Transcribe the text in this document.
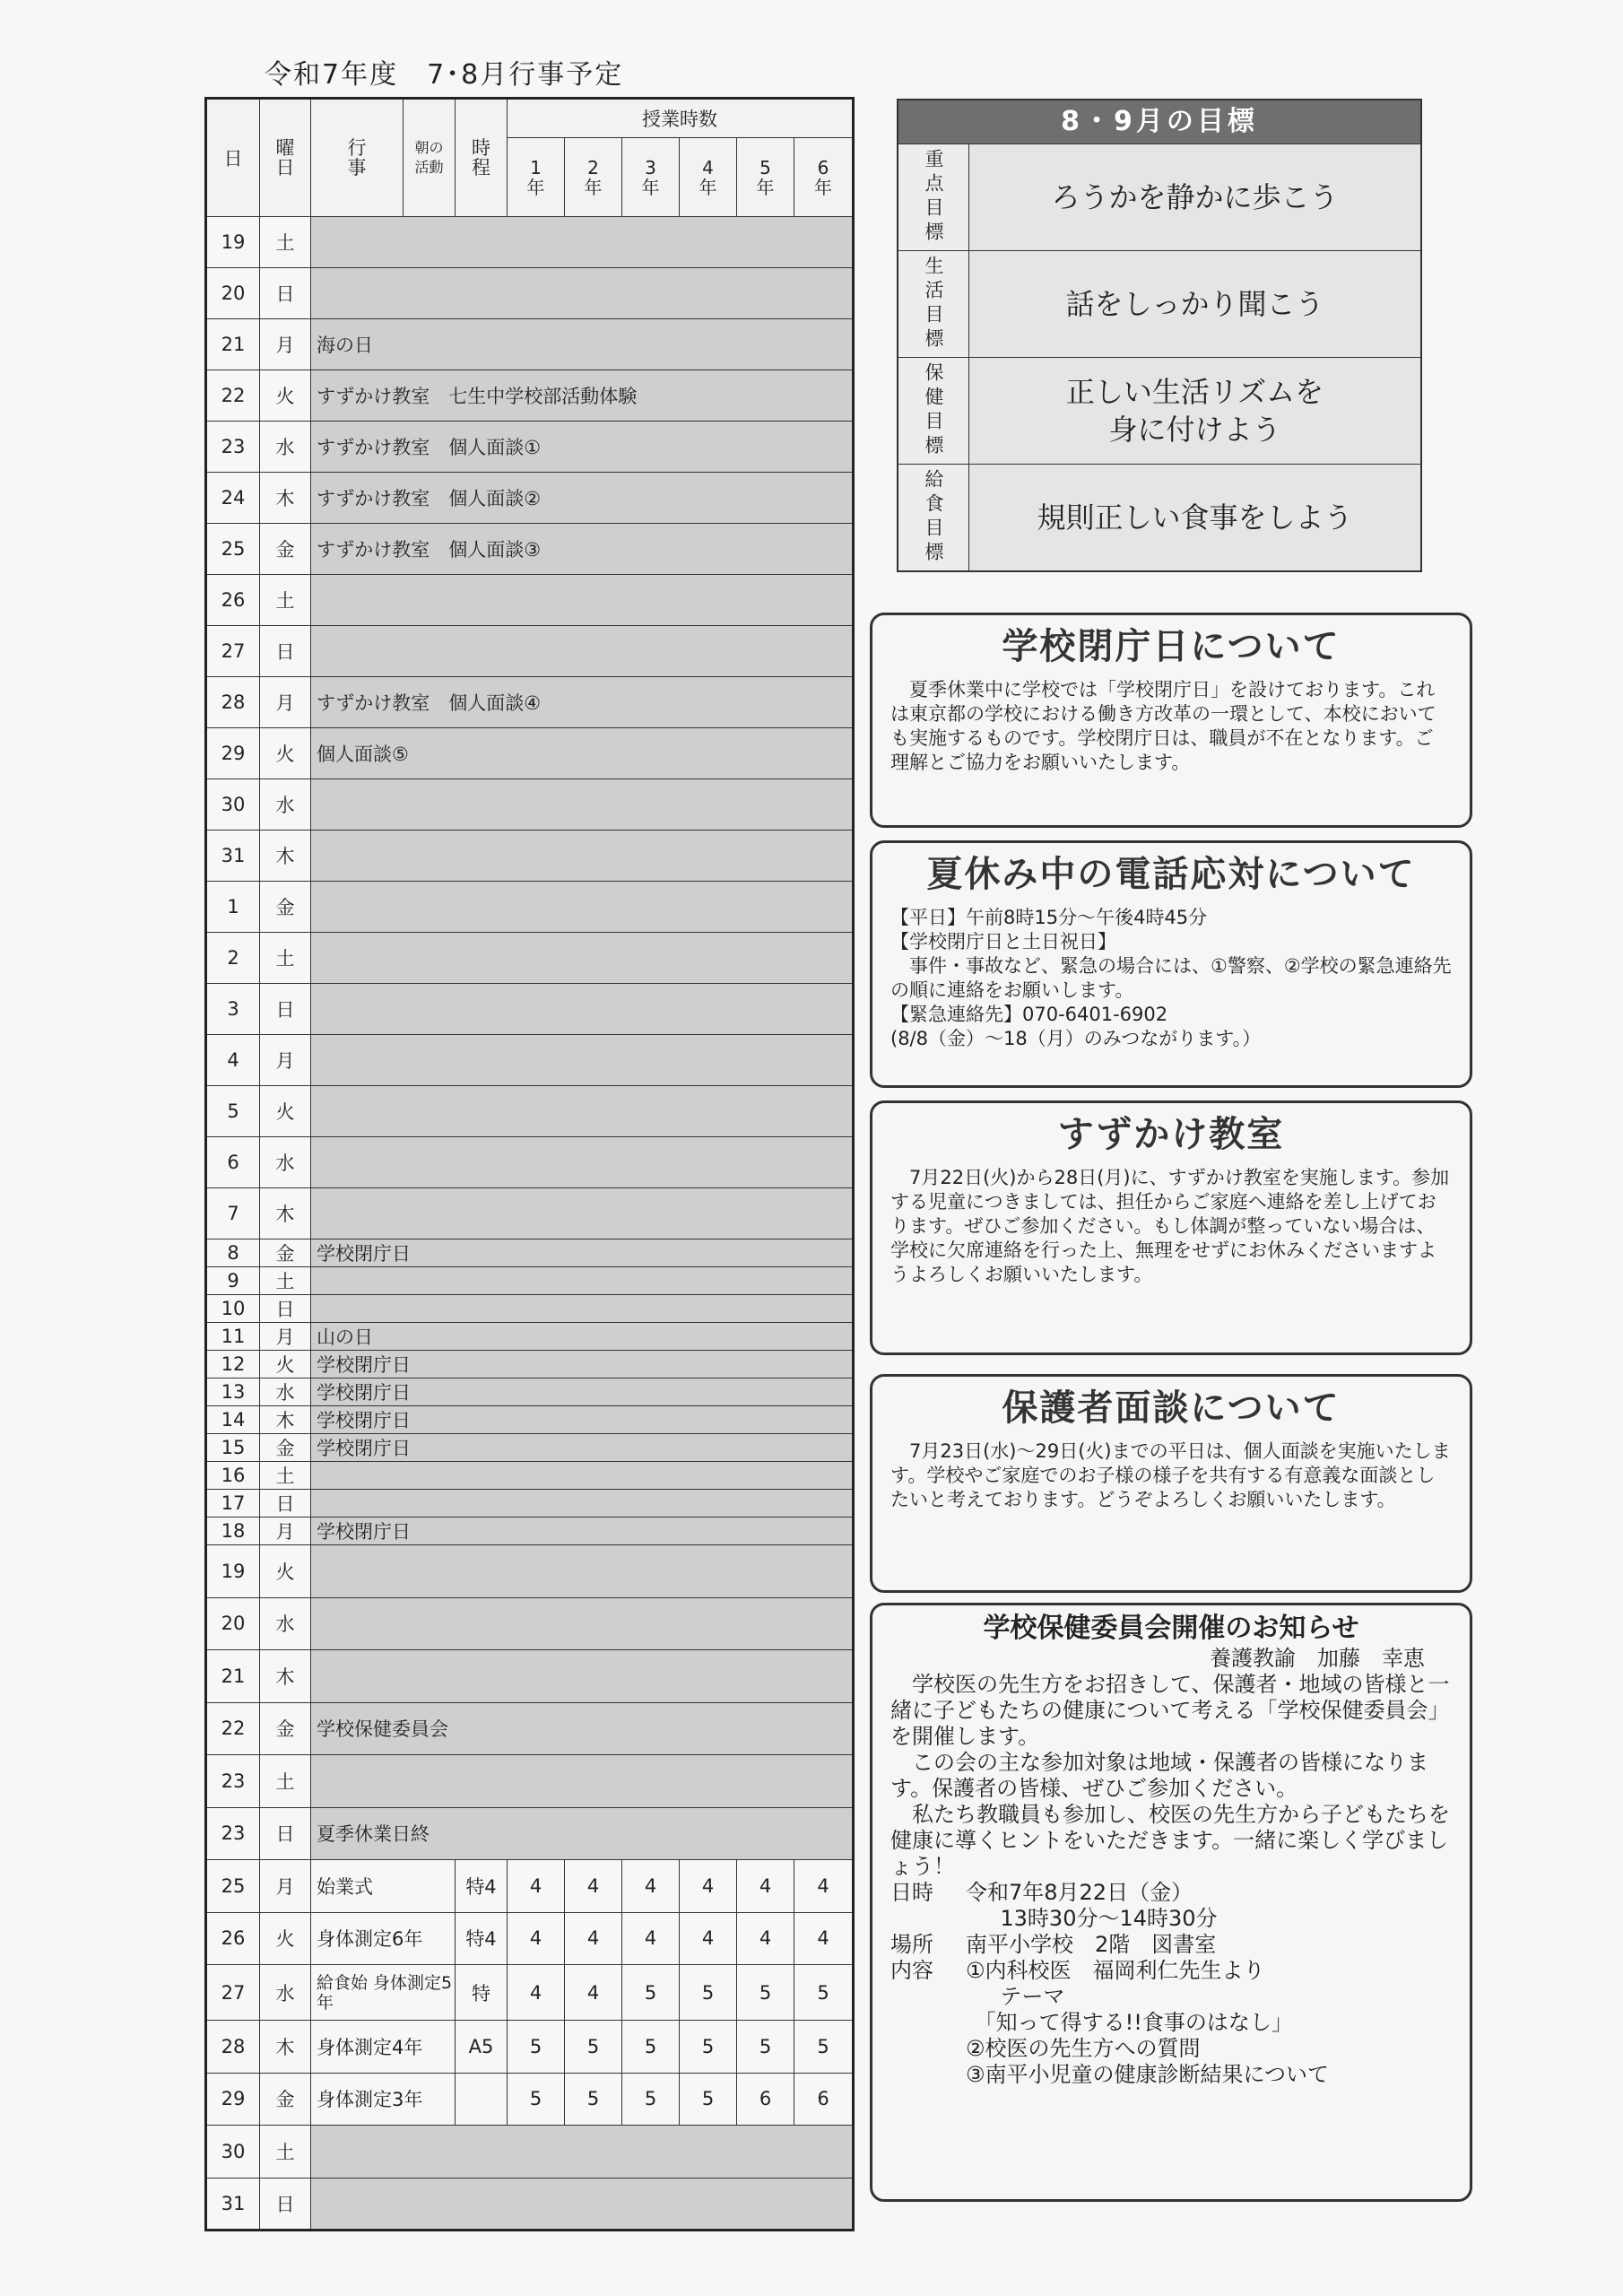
令和7年度　7･8月行事予定
日	曜日	行事	朝の活動	時程	授業時数					
					1年	2年	3年	4年	5年	6年
19	土									
20	日									
21	月	海の日								
22	火	すずかけ教室　七生中学校部活動体験								
23	水	すずかけ教室　個人面談①								
24	木	すずかけ教室　個人面談②								
25	金	すずかけ教室　個人面談③								
26	土									
27	日									
28	月	すずかけ教室　個人面談④								
29	火	個人面談⑤								
30	水									
31	木									
1	金									
2	土									
3	日									
4	月									
5	火									
6	水									
7	木									
8	金	学校閉庁日								
9	土									
10	日									
11	月	山の日								
12	火	学校閉庁日								
13	水	学校閉庁日								
14	木	学校閉庁日								
15	金	学校閉庁日								
16	土									
17	日									
18	月	学校閉庁日								
19	火									
20	水									
21	木									
22	金	学校保健委員会								
23	土									
23	日	夏季休業日終								
25	月	始業式		特4	4	4	4	4	4	4
26	火	身体測定6年		特4	4	4	4	4	4	4
27	水	給食始 身体測定5年		特	4	4	5	5	5	5
28	木	身体測定4年		A5	5	5	5	5	5	5
29	金	身体測定3年			5	5	5	5	6	6
30	土									
31	日									
8・9月の目標
重点目標	ろうかを静かに歩こう
生活目標	話をしっかり聞こう
保健目標	正しい生活リズムを
身に付けよう
給食目標	規則正しい食事をしよう
学校閉庁日について

夏季休業中に学校では「学校閉庁日」を設けております。これは東京都の学校における働き方改革の一環として、本校においても実施するものです。学校閉庁日は、職員が不在となります。ご理解とご協力をお願いいたします。

夏休み中の電話応対について

【平日】午前8時15分～午後4時45分

【学校閉庁日と土日祝日】

事件・事故など、緊急の場合には、①警察、②学校の緊急連絡先の順に連絡をお願いします。

【緊急連絡先】070-6401-6902

(8/8（金）～18（月）のみつながります。）

すずかけ教室

7月22日(火)から28日(月)に、すずかけ教室を実施します。参加する児童につきましては、担任からご家庭へ連絡を差し上げております。ぜひご参加ください。もし体調が整っていない場合は、学校に欠席連絡を行った上、無理をせずにお休みくださいますようよろしくお願いいたします。

保護者面談について

7月23日(水)～29日(火)までの平日は、個人面談を実施いたします。学校やご家庭でのお子様の様子を共有する有意義な面談としたいと考えております。どうぞよろしくお願いいたします。

学校保健委員会開催のお知らせ
養護教諭　加藤　幸恵

学校医の先生方をお招きして、保護者・地域の皆様と一緒に子どもたちの健康について考える「学校保健委員会」を開催します。

この会の主な参加対象は地域・保護者の皆様になります。保護者の皆様、ぜひご参加ください。

私たち教職員も参加し、校医の先生方から子どもたちを健康に導くヒントをいただきます。一緒に楽しく学びましょう！

日時	令和7年8月22日（金）
13時30分～14時30分
場所	南平小学校　2階　図書室
内容	①内科校医　福岡利仁先生より
テーマ
「知って得する!!食事のはなし」
②校医の先生方への質問
③南平小児童の健康診断結果について
